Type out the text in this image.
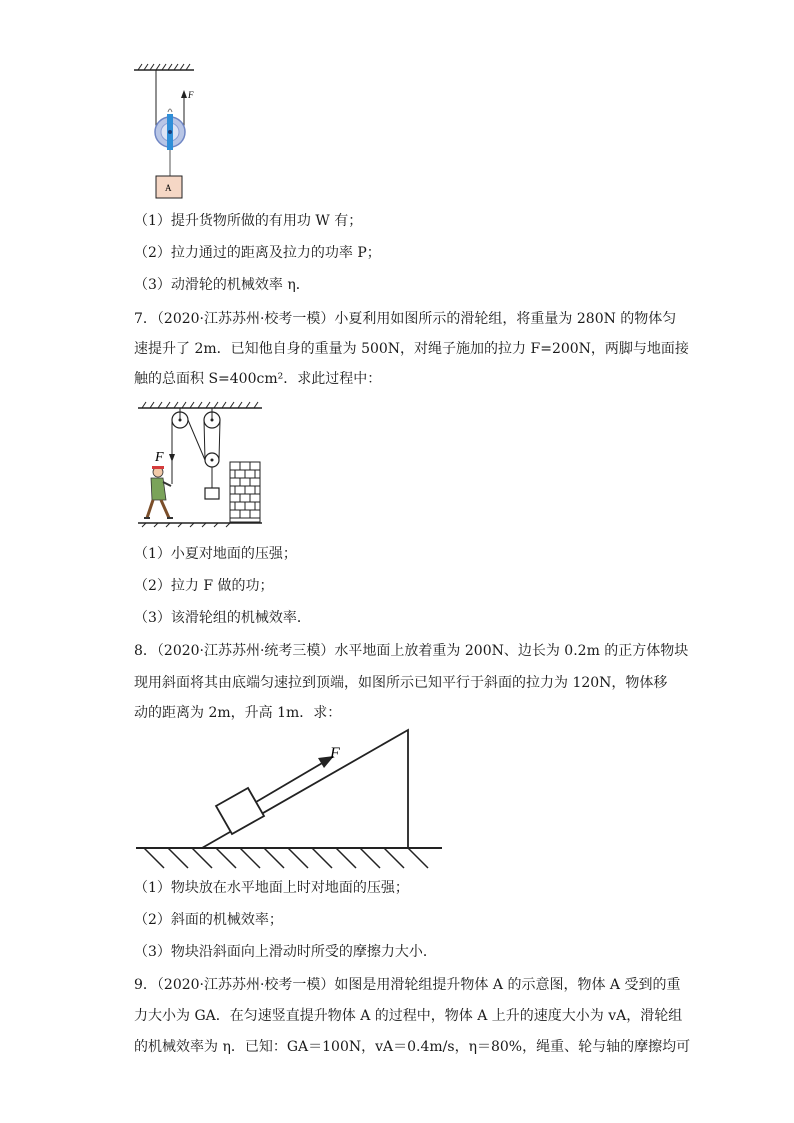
F
A
（1）提升货物所做的有用功 W 有；
（2）拉力通过的距离及拉力的功率 P；
（3）动滑轮的机械效率 η．
7．（2020·江苏苏州·校考一模）小夏利用如图所示的滑轮组，将重量为 280N 的物体匀
速提升了 2m．已知他自身的重量为 500N，对绳子施加的拉力 F=200N，两脚与地面接
触的总面积 S=400cm²．求此过程中：
F
（1）小夏对地面的压强；
（2）拉力 F 做的功；
（3）该滑轮组的机械效率．
8．（2020·江苏苏州·统考三模）水平地面上放着重为 200N、边长为 0.2m 的正方体物块
现用斜面将其由底端匀速拉到顶端，如图所示已知平行于斜面的拉力为 120N，物体移
动的距离为 2m，升高 1m．求：
F
（1）物块放在水平地面上时对地面的压强；
（2）斜面的机械效率；
（3）物块沿斜面向上滑动时所受的摩擦力大小．
9．（2020·江苏苏州·校考一模）如图是用滑轮组提升物体 A 的示意图，物体 A 受到的重
力大小为 GA．在匀速竖直提升物体 A 的过程中，物体 A 上升的速度大小为 vA，滑轮组
的机械效率为 η．已知：GA＝100N，vA＝0.4m/s，η＝80%，绳重、轮与轴的摩擦均可
